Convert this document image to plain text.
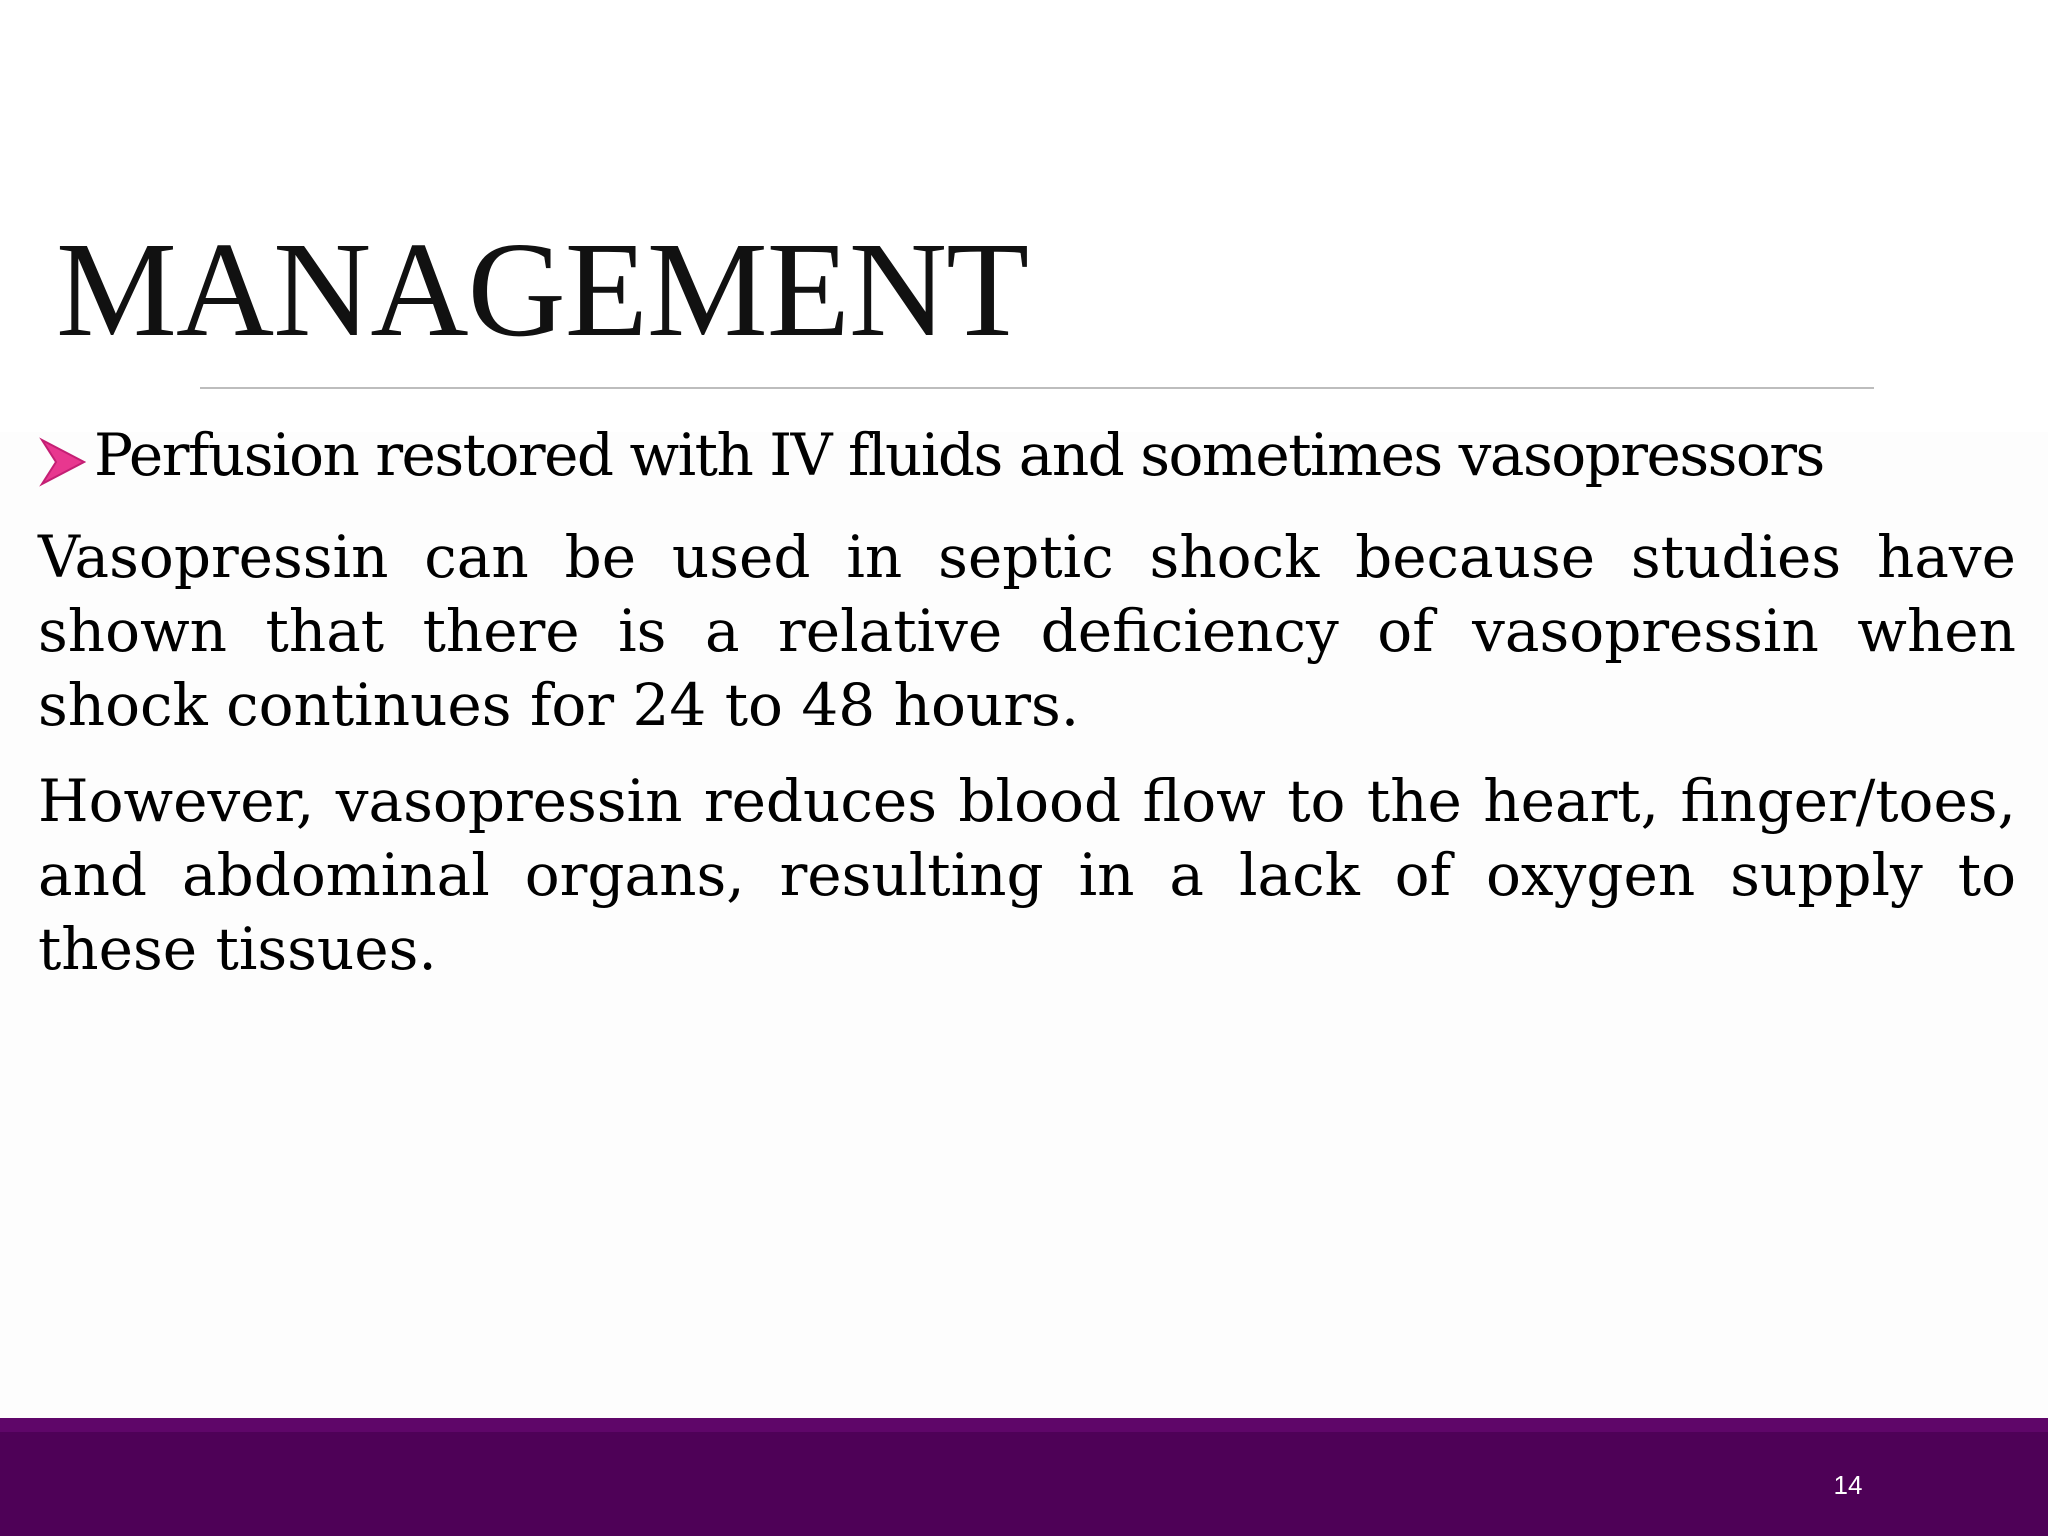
MANAGEMENT
Perfusion restored with IV fluids and sometimes vasopressors

Vasopressin can be used in septic shock because studies have shown that there is a relative deficiency of vasopressin when shock continues for 24 to 48 hours.

However, vasopressin reduces blood flow to the heart, finger/toes, and abdominal organs, resulting in a lack of oxygen supply to these tissues.

14
